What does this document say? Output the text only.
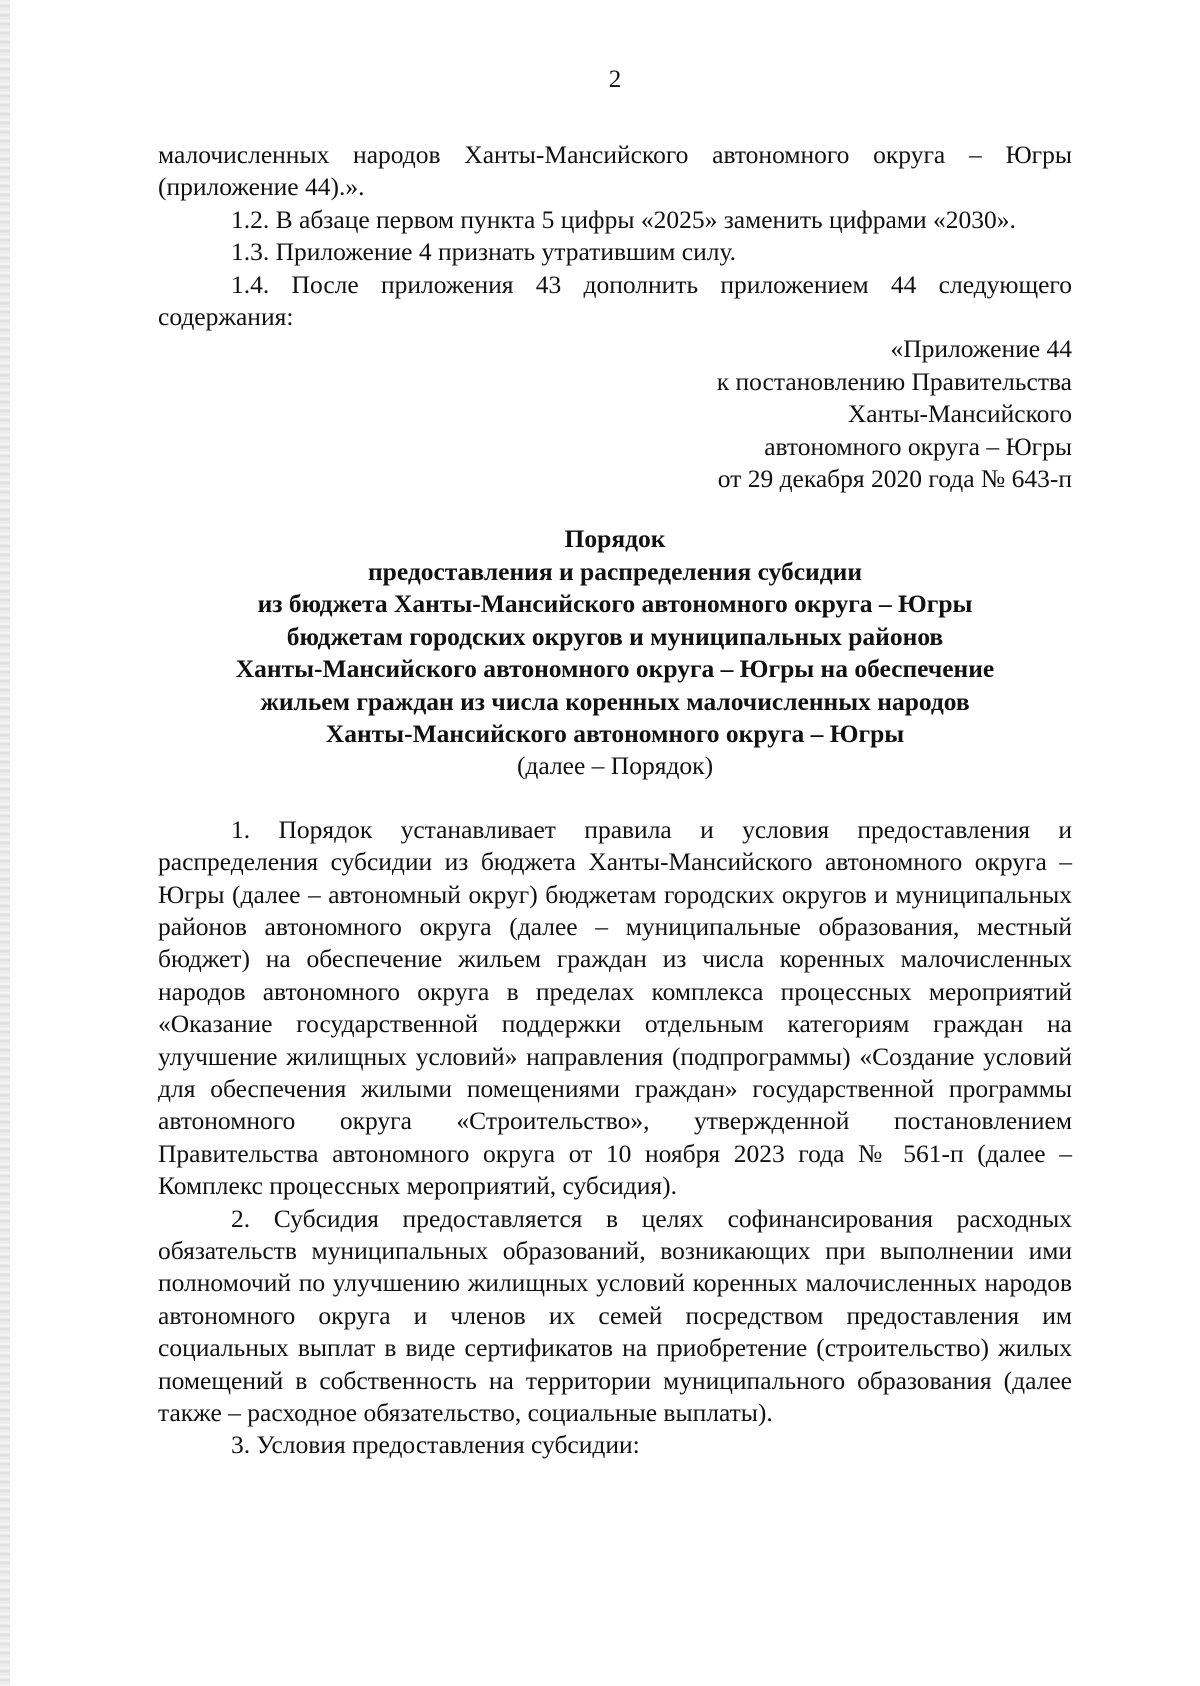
2

малочисленных народов Ханты-Мансийского автономного округа – Югры (приложение 44).».

1.2. В абзаце первом пункта 5 цифры «2025» заменить цифрами «2030».

1.3. Приложение 4 признать утратившим силу.

1.4. После приложения 43 дополнить приложением 44 следующего содержания:

«Приложение 44
к постановлению Правительства
Ханты-Мансийского
автономного округа – Югры
от 29 декабря 2020 года № 643-п
Порядок
предоставления и распределения субсидии
из бюджета Ханты-Мансийского автономного округа – Югры
бюджетам городских округов и муниципальных районов
Ханты-Мансийского автономного округа – Югры на обеспечение
жильем граждан из числа коренных малочисленных народов
Ханты-Мансийского автономного округа – Югры
(далее – Порядок)

1. Порядок устанавливает правила и условия предоставления и распределения субсидии из бюджета Ханты-Мансийского автономного округа – Югры (далее – автономный округ) бюджетам городских округов и муниципальных районов автономного округа (далее – муниципальные образования, местный бюджет) на обеспечение жильем граждан из числа коренных малочисленных народов автономного округа в пределах комплекса процессных мероприятий «Оказание государственной поддержки отдельным категориям граждан на улучшение жилищных условий» направления (подпрограммы) «Создание условий для обеспечения жилыми помещениями граждан» государственной программы автономного округа «Строительство», утвержденной постановлением Правительства автономного округа от 10 ноября 2023 года № 561-п (далее – Комплекс процессных мероприятий, субсидия).

2. Субсидия предоставляется в целях софинансирования расходных обязательств муниципальных образований, возникающих при выполнении ими полномочий по улучшению жилищных условий коренных малочисленных народов автономного округа и членов их семей посредством предоставления им социальных выплат в виде сертификатов на приобретение (строительство) жилых помещений в собственность на территории муниципального образования (далее также – расходное обязательство, социальные выплаты).

3. Условия предоставления субсидии:
